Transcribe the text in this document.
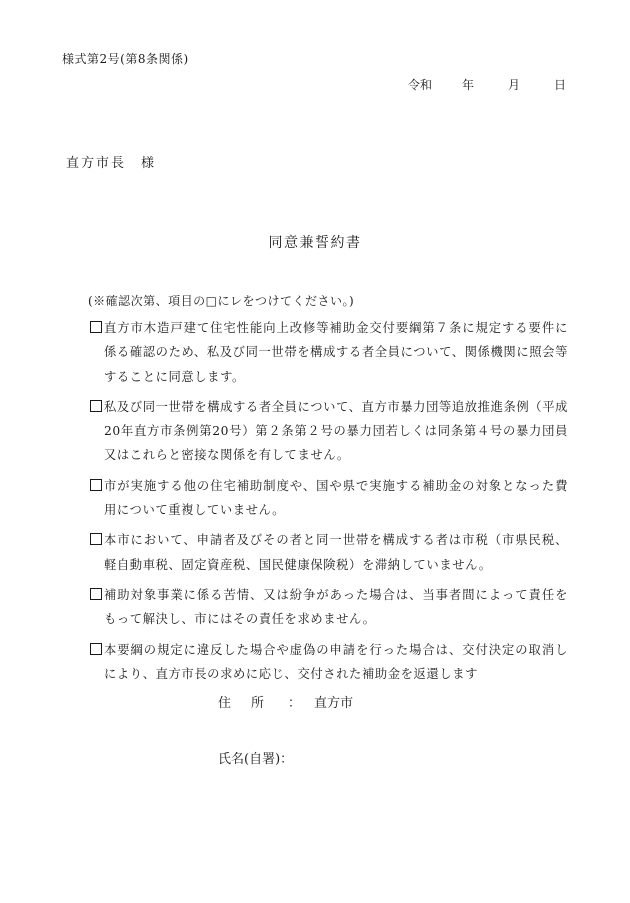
様式第2号(第8条関係)
令和	年	月	日
直方市長　様
同意兼誓約書
(※確認次第、項目の□にレをつけてください。)
直方市木造戸建て住宅性能向上改修等補助金交付要綱第７条に規定する要件に係る確認のため、私及び同一世帯を構成する者全員について、関係機関に照会等することに同意します。
私及び同一世帯を構成する者全員について、直方市暴力団等追放推進条例（平成20年直方市条例第20号）第２条第２号の暴力団若しくは同条第４号の暴力団員又はこれらと密接な関係を有してません。
市が実施する他の住宅補助制度や、国や県で実施する補助金の対象となった費用について重複していません。
本市において、申請者及びその者と同一世帯を構成する者は市税（市県民税、軽自動車税、固定資産税、国民健康保険税）を滞納していません。
補助対象事業に係る苦情、又は紛争があった場合は、当事者間によって責任をもって解決し、市にはその責任を求めません。
本要綱の規定に違反した場合や虚偽の申請を行った場合は、交付決定の取消しにより、直方市長の求めに応じ、交付された補助金を返還します
住所 ： 直方市
氏名(自署)：
